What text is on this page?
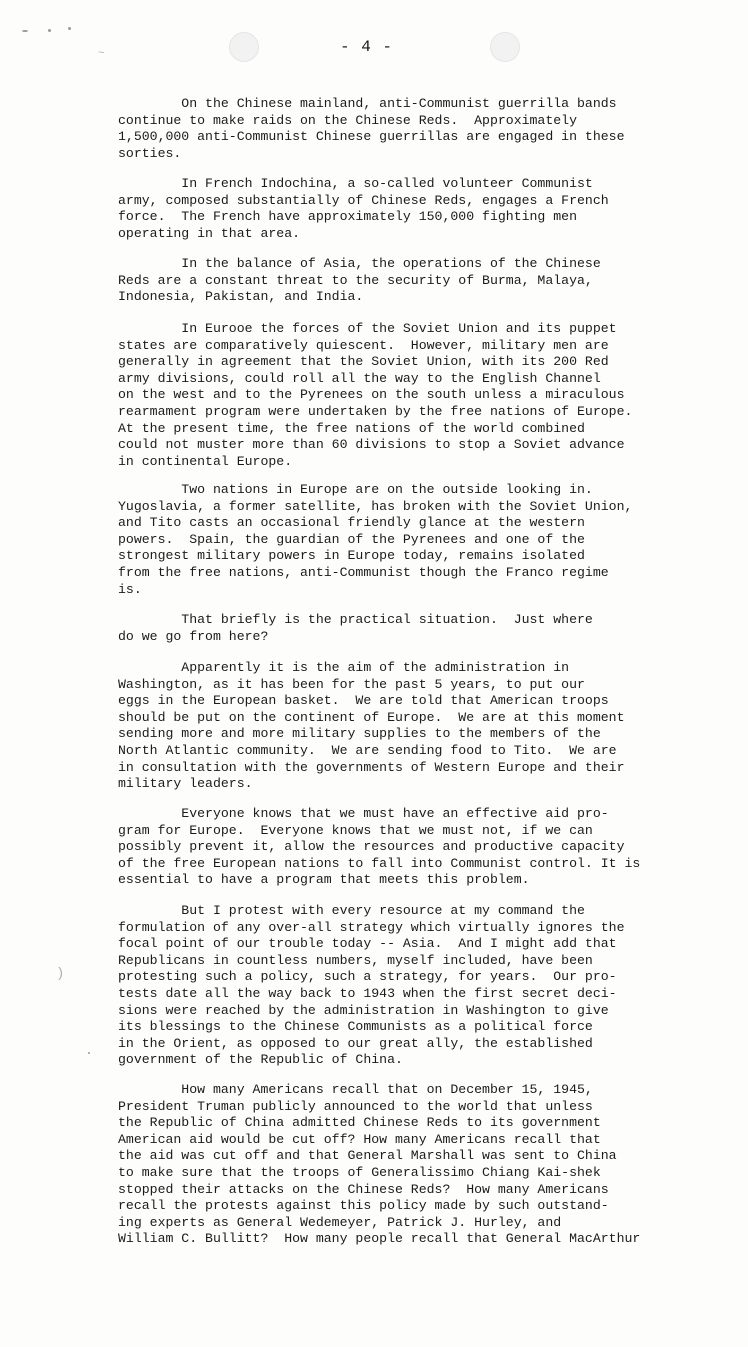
)
~	- 4 -

On the Chinese mainland, anti-Communist guerrilla bands
continue to make raids on the Chinese Reds.  Approximately
1,500,000 anti-Communist Chinese guerrillas are engaged in these
sorties.

In French Indochina, a so-called volunteer Communist
army, composed substantially of Chinese Reds, engages a French
force.  The French have approximately 150,000 fighting men
operating in that area.

In the balance of Asia, the operations of the Chinese
Reds are a constant threat to the security of Burma, Malaya,
Indonesia, Pakistan, and India.

In Eurooe the forces of the Soviet Union and its puppet
states are comparatively quiescent.  However, military men are
generally in agreement that the Soviet Union, with its 200 Red
army divisions, could roll all the way to the English Channel
on the west and to the Pyrenees on the south unless a miraculous
rearmament program were undertaken by the free nations of Europe.
At the present time, the free nations of the world combined
could not muster more than 60 divisions to stop a Soviet advance
in continental Europe.

Two nations in Europe are on the outside looking in.
Yugoslavia, a former satellite, has broken with the Soviet Union,
and Tito casts an occasional friendly glance at the western
powers.  Spain, the guardian of the Pyrenees and one of the
strongest military powers in Europe today, remains isolated
from the free nations, anti-Communist though the Franco regime
is.

That briefly is the practical situation.  Just where
do we go from here?

Apparently it is the aim of the administration in
Washington, as it has been for the past 5 years, to put our
eggs in the European basket.  We are told that American troops
should be put on the continent of Europe.  We are at this moment
sending more and more military supplies to the members of the
North Atlantic community.  We are sending food to Tito.  We are
in consultation with the governments of Western Europe and their
military leaders.

Everyone knows that we must have an effective aid pro-
gram for Europe.  Everyone knows that we must not, if we can
possibly prevent it, allow the resources and productive capacity
of the free European nations to fall into Communist control. It is
essential to have a program that meets this problem.

But I protest with every resource at my command the
formulation of any over-all strategy which virtually ignores the
focal point of our trouble today -- Asia.  And I might add that
Republicans in countless numbers, myself included, have been
protesting such a policy, such a strategy, for years.  Our pro-
tests date all the way back to 1943 when the first secret deci-
sions were reached by the administration in Washington to give
its blessings to the Chinese Communists as a political force
in the Orient, as opposed to our great ally, the established
government of the Republic of China.

How many Americans recall that on December 15, 1945,
President Truman publicly announced to the world that unless
the Republic of China admitted Chinese Reds to its government
American aid would be cut off? How many Americans recall that
the aid was cut off and that General Marshall was sent to China
to make sure that the troops of Generalissimo Chiang Kai-shek
stopped their attacks on the Chinese Reds?  How many Americans
recall the protests against this policy made by such outstand-
ing experts as General Wedemeyer, Patrick J. Hurley, and
William C. Bullitt?  How many people recall that General MacArthur
